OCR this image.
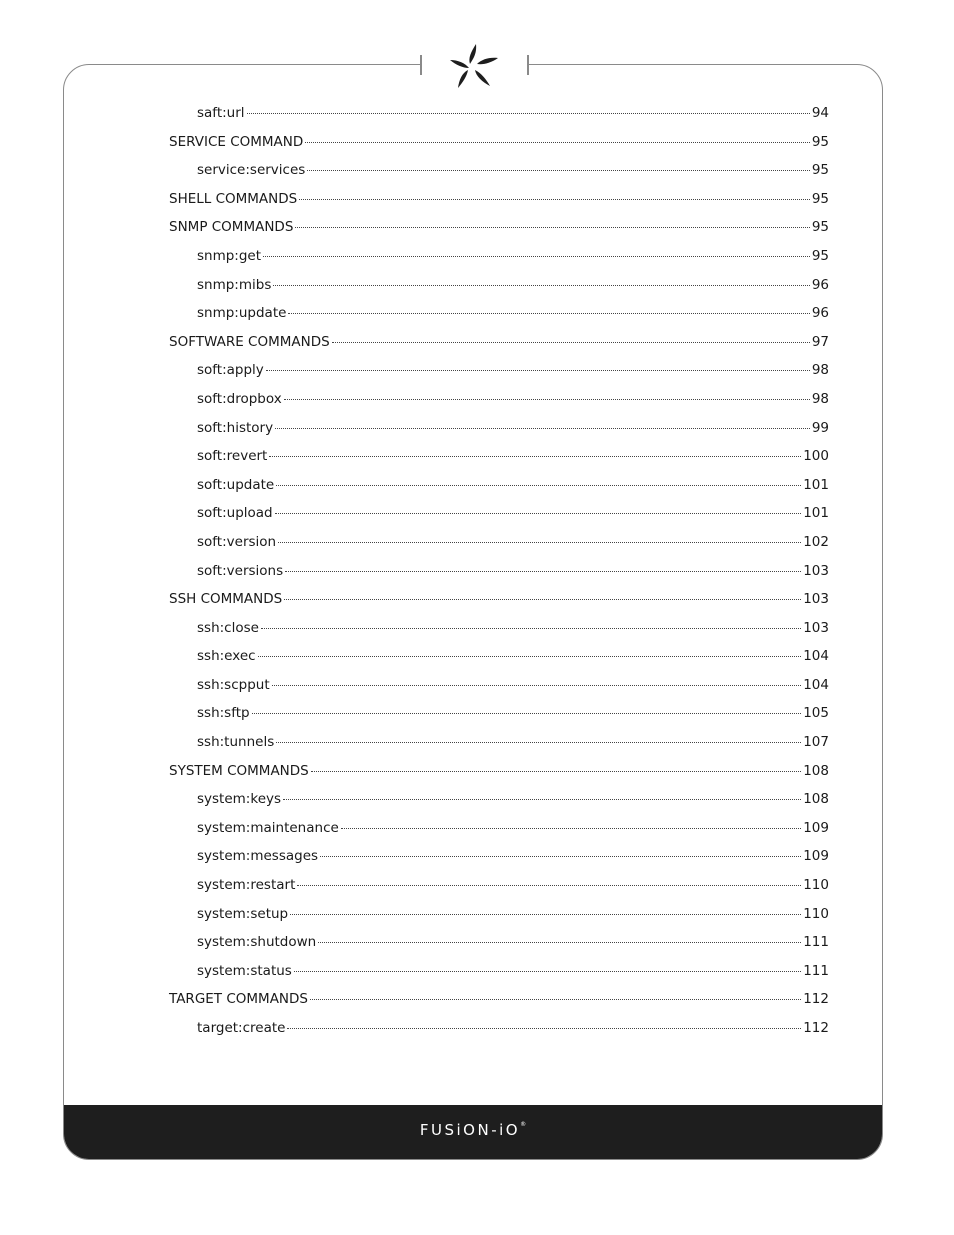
FUSiON-iO®
saft:url	94
SERVICE COMMAND	95
service:services	95
SHELL COMMANDS	95
SNMP COMMANDS	95
snmp:get	95
snmp:mibs	96
snmp:update	96
SOFTWARE COMMANDS	97
soft:apply	98
soft:dropbox	98
soft:history	99
soft:revert	100
soft:update	101
soft:upload	101
soft:version	102
soft:versions	103
SSH COMMANDS	103
ssh:close	103
ssh:exec	104
ssh:scpput	104
ssh:sftp	105
ssh:tunnels	107
SYSTEM COMMANDS	108
system:keys	108
system:maintenance	109
system:messages	109
system:restart	110
system:setup	110
system:shutdown	111
system:status	111
TARGET COMMANDS	112
target:create	112
